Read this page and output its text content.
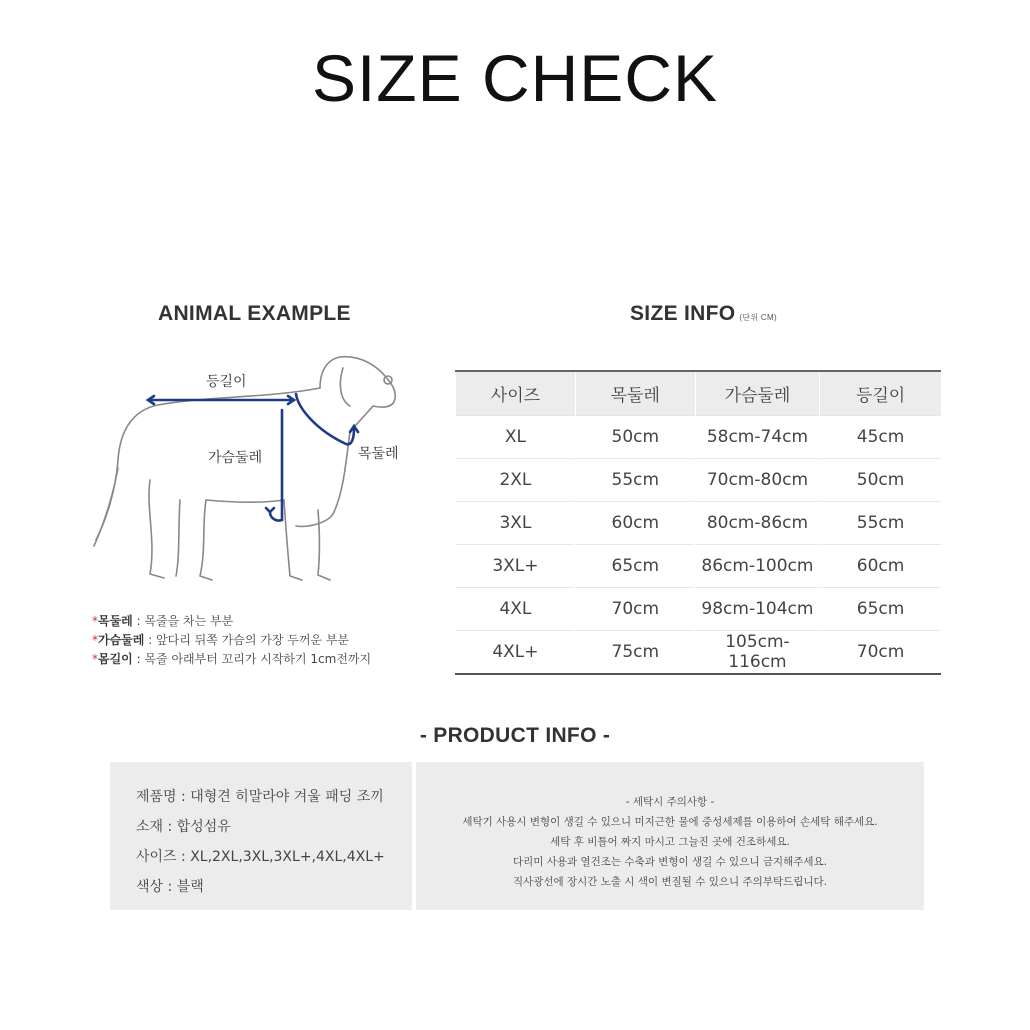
SIZE CHECK
ANIMAL EXAMPLE
등길이
가슴둘레	목둘레
*목둘레 : 목줄을 차는 부분
*가슴둘레 : 앞다리 뒤쪽 가슴의 가장 두꺼운 부분
*몸길이 : 목줄 아래부터 꼬리가 시작하기 1cm전까지
SIZE INFO (단위 CM)
사이즈	목둘레	가슴둘레	등길이
XL	50cm	58cm-74cm	45cm
2XL	55cm	70cm-80cm	50cm
3XL	60cm	80cm-86cm	55cm
3XL+	65cm	86cm-100cm	60cm
4XL	70cm	98cm-104cm	65cm
4XL+	75cm	105cm-116cm	70cm
- PRODUCT INFO -
제품명 : 대형견 히말라야 겨울 패딩 조끼
소재 : 합성섬유
사이즈 : XL,2XL,3XL,3XL+,4XL,4XL+
색상 : 블랙
- 세탁시 주의사항 -
세탁기 사용시 변형이 생길 수 있으니 미지근한 물에 중성세제를 이용하여 손세탁 해주세요.
세탁 후 비틀어 짜지 마시고 그늘진 곳에 건조하세요.
다리미 사용과 열건조는 수축과 변형이 생길 수 있으니 금지해주세요.
직사광선에 장시간 노출 시 색이 변질될 수 있으니 주의부탁드립니다.
